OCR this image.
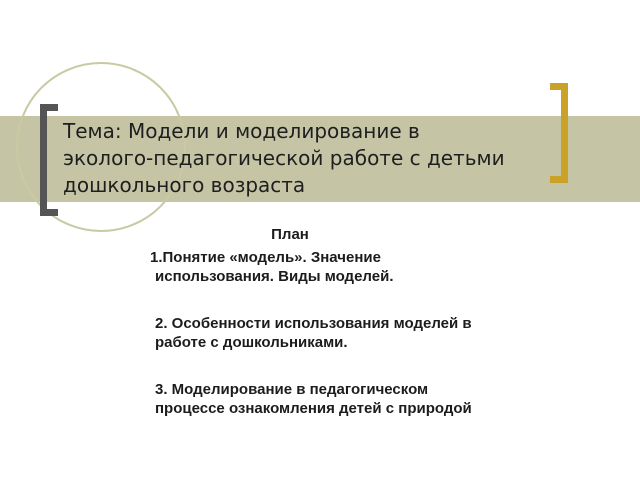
Тема: Модели и моделирование в
эколого-педагогической работе с детьми
дошкольного возраста
План
1.Понятие «модель». Значение
использования. Виды моделей.
2. Особенности использования моделей в
работе с дошкольниками.
3. Моделирование в педагогическом
процессе ознакомления детей с природой
